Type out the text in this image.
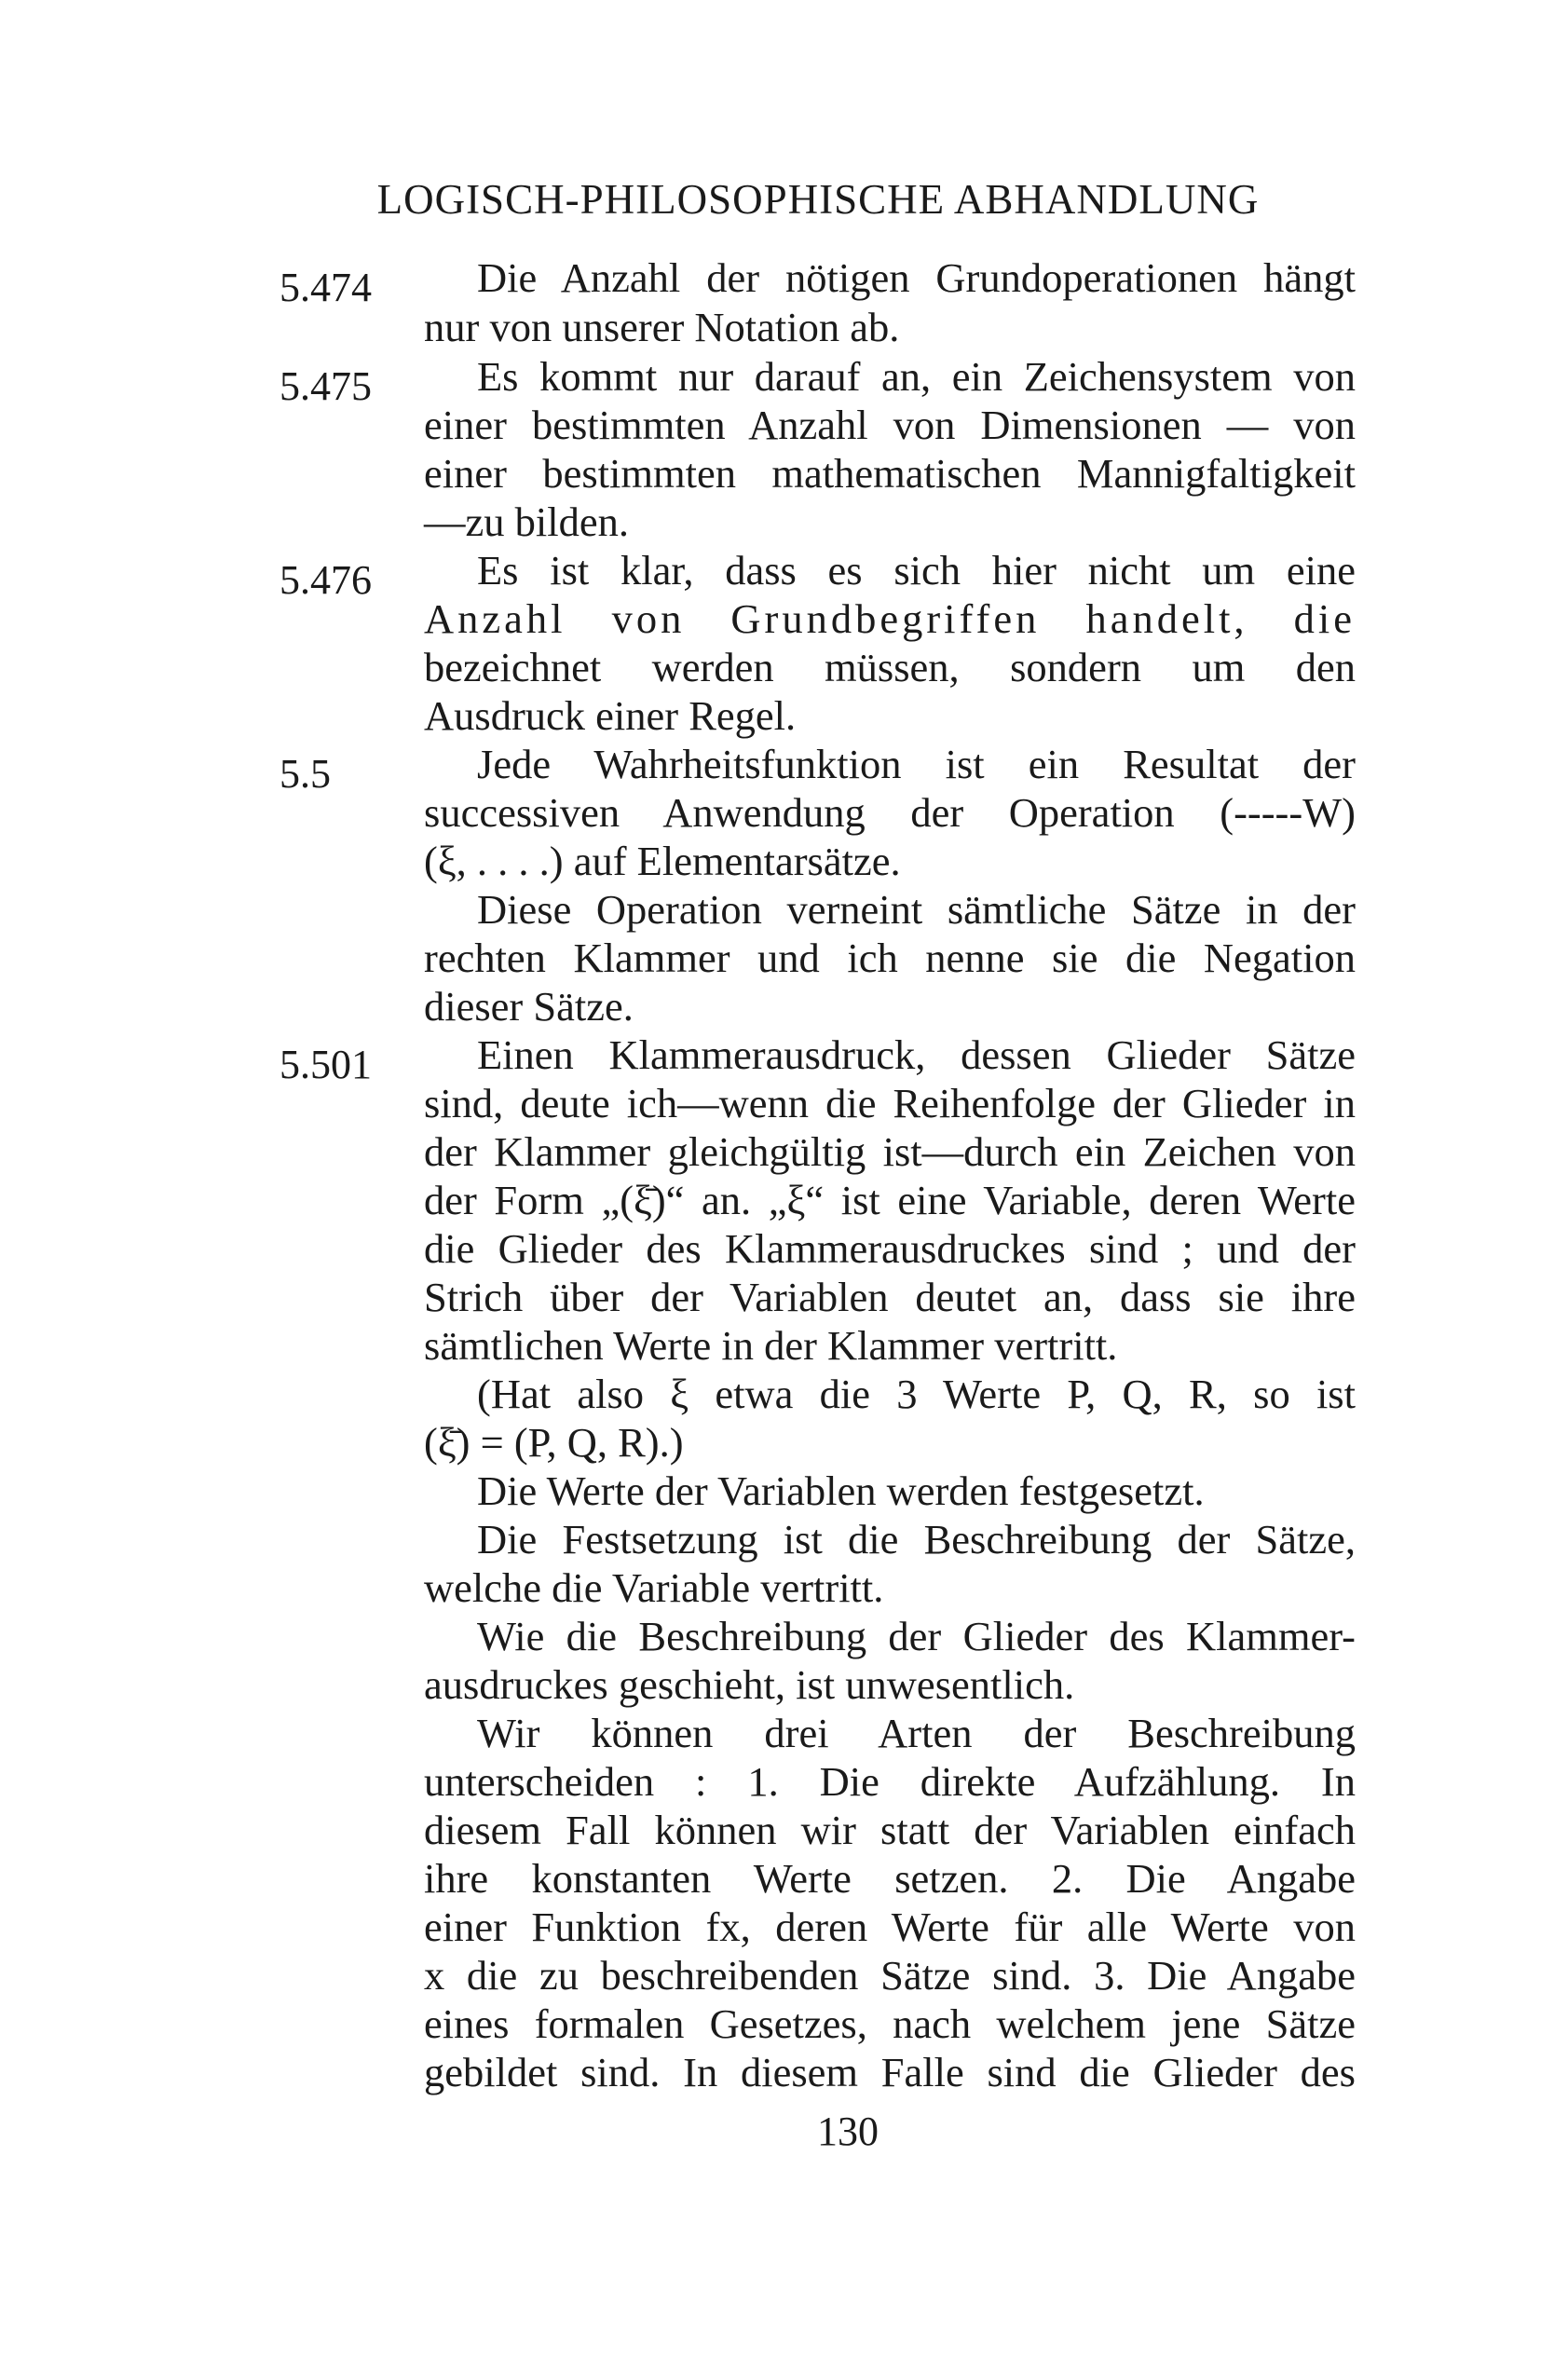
LOGISCH-PHILOSOPHISCHE ABHANDLUNG
5.474	Die Anzahl der nötigen Grundoperationen hängt
nur von unserer Notation ab.
5.475	Es kommt nur darauf an, ein Zeichensystem von
einer bestimmten Anzahl von Dimensionen — von
einer bestimmten mathematischen Mannigfaltigkeit
—zu bilden.
5.476	Es ist klar, dass es sich hier nicht um eine
Anzahl von Grundbegriffen handelt, die
bezeichnet werden müssen, sondern um den
Ausdruck einer Regel.
5.5	Jede Wahrheitsfunktion ist ein Resultat der
successiven Anwendung der Operation (-----W)
(ξ, . . . .) auf Elementarsätze.
Diese Operation verneint sämtliche Sätze in der
rechten Klammer und ich nenne sie die Negation
dieser Sätze.
5.501	Einen Klammerausdruck, dessen Glieder Sätze
sind, deute ich—wenn die Reihenfolge der Glieder in
der Klammer gleichgültig ist—durch ein Zeichen von
der Form „(ξ̄)“ an. „ξ“ ist eine Variable, deren Werte
die Glieder des Klammerausdruckes sind ; und der
Strich über der Variablen deutet an, dass sie ihre
sämtlichen Werte in der Klammer vertritt.
(Hat also ξ etwa die 3 Werte P, Q, R, so ist
(ξ̄) = (P, Q, R).)
Die Werte der Variablen werden festgesetzt.
Die Festsetzung ist die Beschreibung der Sätze,
welche die Variable vertritt.
Wie die Beschreibung der Glieder des Klammer-
ausdruckes geschieht, ist unwesentlich.
Wir können drei Arten der Beschreibung
unterscheiden : 1. Die direkte Aufzählung. In
diesem Fall können wir statt der Variablen einfach
ihre konstanten Werte setzen. 2. Die Angabe
einer Funktion fx, deren Werte für alle Werte von
x die zu beschreibenden Sätze sind. 3. Die Angabe
eines formalen Gesetzes, nach welchem jene Sätze
gebildet sind. In diesem Falle sind die Glieder des
130
